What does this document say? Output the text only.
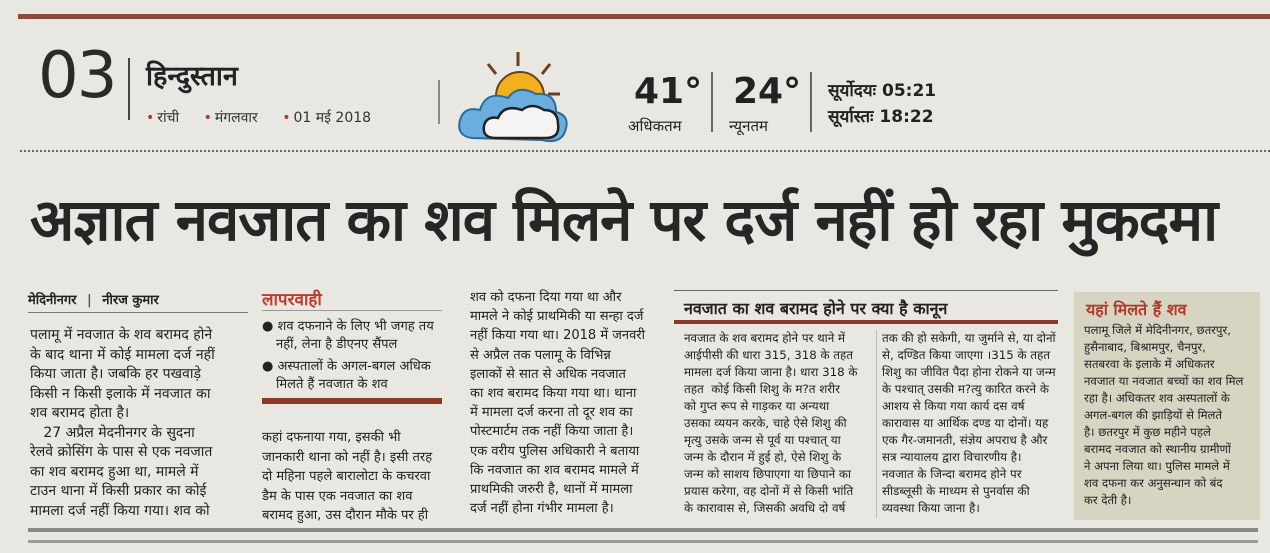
03 हिन्दुस्तान
• रांची • मंगलवार • 01 मई 2018
41°
अधिकतम
24°
न्यूनतम
सूर्योदयः 05:21
सूर्यास्तः 18:22
अज्ञात नवजात का शव मिलने पर दर्ज नहीं हो रहा मुकदमा
मेदिनीनगर | नीरज कुमार
पलामू में नवजात के शव बरामद होने
के बाद थाना में कोई मामला दर्ज नहीं
किया जाता है। जबकि हर पखवाड़े
किसी न किसी इलाके में नवजात का
शव बरामद होता है।
27 अप्रैल मेदनीनगर के सुदना
रेलवे क्रोसिंग के पास से एक नवजात
का शव बरामद हुआ था, मामले में
टाउन थाना में किसी प्रकार का कोई
मामला दर्ज नहीं किया गया। शव को
लापरवाही
● शव दफनाने के लिए भी जगह तय
नहीं, लेना है डीएनए सैंपल
● अस्पतालों के अगल-बगल अधिक
मिलते हैं नवजात के शव
कहां दफनाया गया, इसकी भी
जानकारी थाना को नहीं है। इसी तरह
दो महिना पहले बारालोटा के कचरवा
डैम के पास एक नवजात का शव
बरामद हुआ, उस दौरान मौके पर ही
शव को दफना दिया गया था और
मामले ने कोई प्राथमिकी या सन्हा दर्ज
नहीं किया गया था। 2018 में जनवरी
से अप्रैल तक पलामू के विभिन्न
इलाकों से सात से अधिक नवजात
का शव बरामद किया गया था। थाना
में मामला दर्ज करना तो दूर शव का
पोस्टमार्टम तक नहीं किया जाता है।
एक वरीय पुलिस अधिकारी ने बताया
कि नवजात का शव बरामद मामले में
प्राथमिकी जरुरी है, थानों में मामला
दर्ज नहीं होना गंभीर मामला है।
नवजात का शव बरामद होने पर क्या है कानून
नवजात के शव बरामद होने पर थाने में
आईपीसी की धारा 315, 318 के तहत
मामला दर्ज किया जाना है। धारा 318 के
तहत  कोई किसी शिशु के म?त शरीर
को गुप्त रूप से गाड़कर या अन्यथा
उसका व्ययन करके, चाहे ऐसे शिशु की
मृत्यु उसके जन्म से पूर्व या पश्चात् या
जन्म के दौरान में हुई हो, ऐसे शिशु के
जन्म को साशय छिपाएगा या छिपाने का
प्रयास करेगा, वह दोनों में से किसी भांति
के कारावास से, जिसकी अवधि दो वर्ष
तक की हो सकेगी, या जुर्माने से, या दोनों
से, दण्डित किया जाएगा ।315 के तहत
शिशु का जीवित पैदा होना रोकने या जन्म
के पश्चात् उसकी म?त्यु कारित करने के
आशय से किया गया कार्य दस वर्ष
कारावास या आर्थिक दण्ड या दोनों। यह
एक गैर-जमानती, संज्ञेय अपराध है और
सत्र न्यायालय द्वारा विचारणीय है।
नवजात के जिन्दा बरामद होने पर
सीडब्लूसी के माध्यम से पुनर्वास की
व्यवस्था किया जाना है।
यहां मिलते हैं शव
पलामू जिले में मेदिनीनगर, छतरपुर,
हुसैनाबाद, बिश्रामपुर, चैनपुर,
सतबरवा के इलाके में अधिकतर
नवजात या नवजात बच्चों का शव मिल
रहा है। अधिकतर शव अस्पतालों के
अगल-बगल की झाड़ियों से मिलते
है। छतरपुर में कुछ महीने पहले
बरामद नवजात को स्थानीय ग्रामीणों
ने अपना लिया था। पुलिस मामले में
शव दफना कर अनुसन्धान को बंद
कर देती है।
